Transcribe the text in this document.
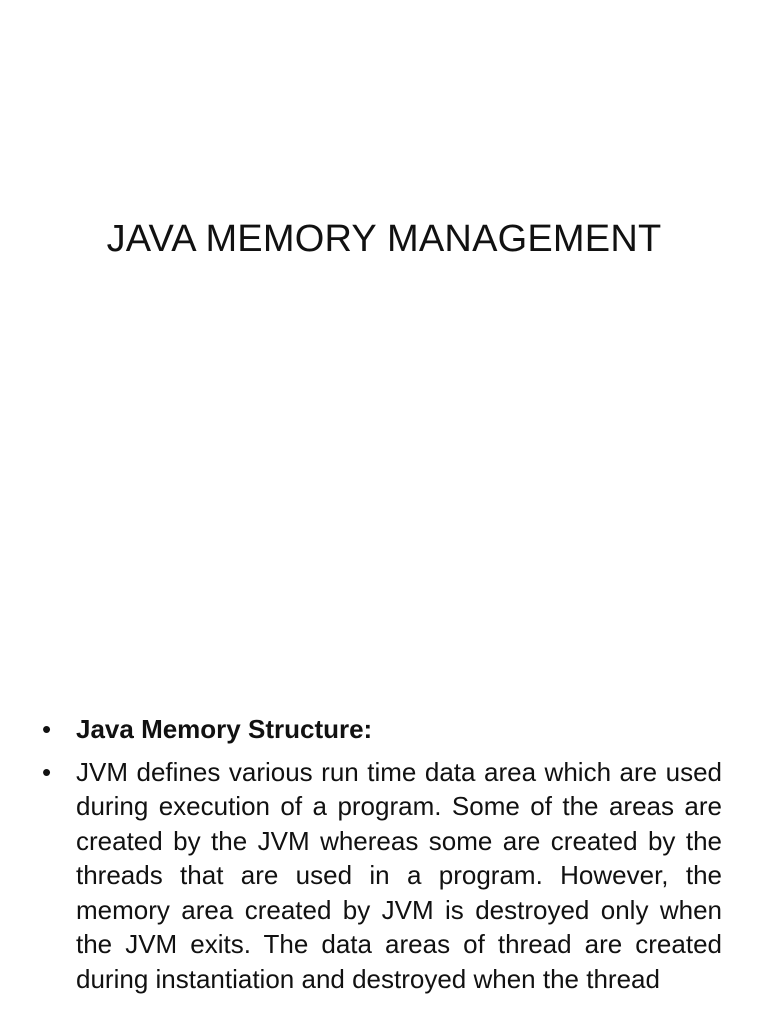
JAVA MEMORY MANAGEMENT
• Java Memory Structure:
• JVM defines various run time data area which are used during execution of a program. Some of the areas are created by the JVM whereas some are created by the threads that are used in a program. However, the memory area created by JVM is destroyed only when the JVM exits. The data areas of thread are created during instantiation and destroyed when the thread
